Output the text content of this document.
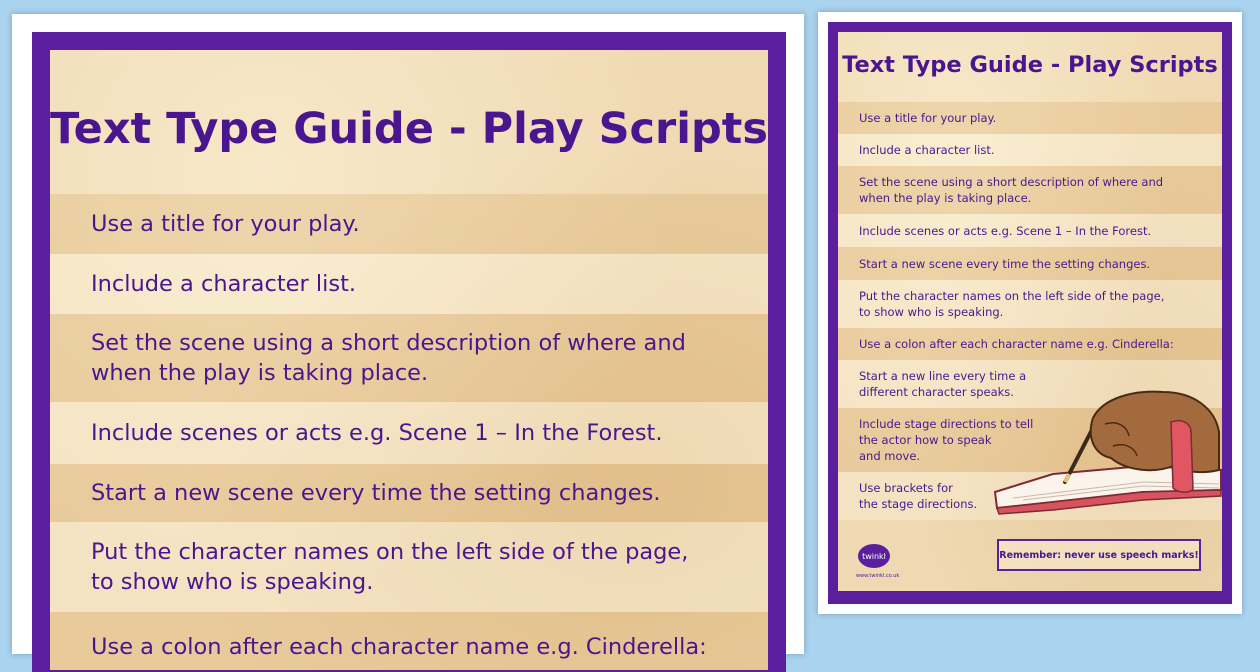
Text Type Guide - Play Scripts
Use a title for your play.
Include a character list.
Set the scene using a short description of where and
when the play is taking place.
Include scenes or acts e.g. Scene 1 – In the Forest.
Start a new scene every time the setting changes.
Put the character names on the left side of the page,
to show who is speaking.
Use a colon after each character name e.g. Cinderella:
Text Type Guide - Play Scripts
Use a title for your play.
Include a character list.
Set the scene using a short description of where and
when the play is taking place.
Include scenes or acts e.g. Scene 1 – In the Forest.
Start a new scene every time the setting changes.
Put the character names on the left side of the page,
to show who is speaking.
Use a colon after each character name e.g. Cinderella:
Start a new line every time a
different character speaks.
Include stage directions to tell
the actor how to speak
and move.
Use brackets for
the stage directions.
twinkl
www.twinkl.co.uk
Remember: never use speech marks!
